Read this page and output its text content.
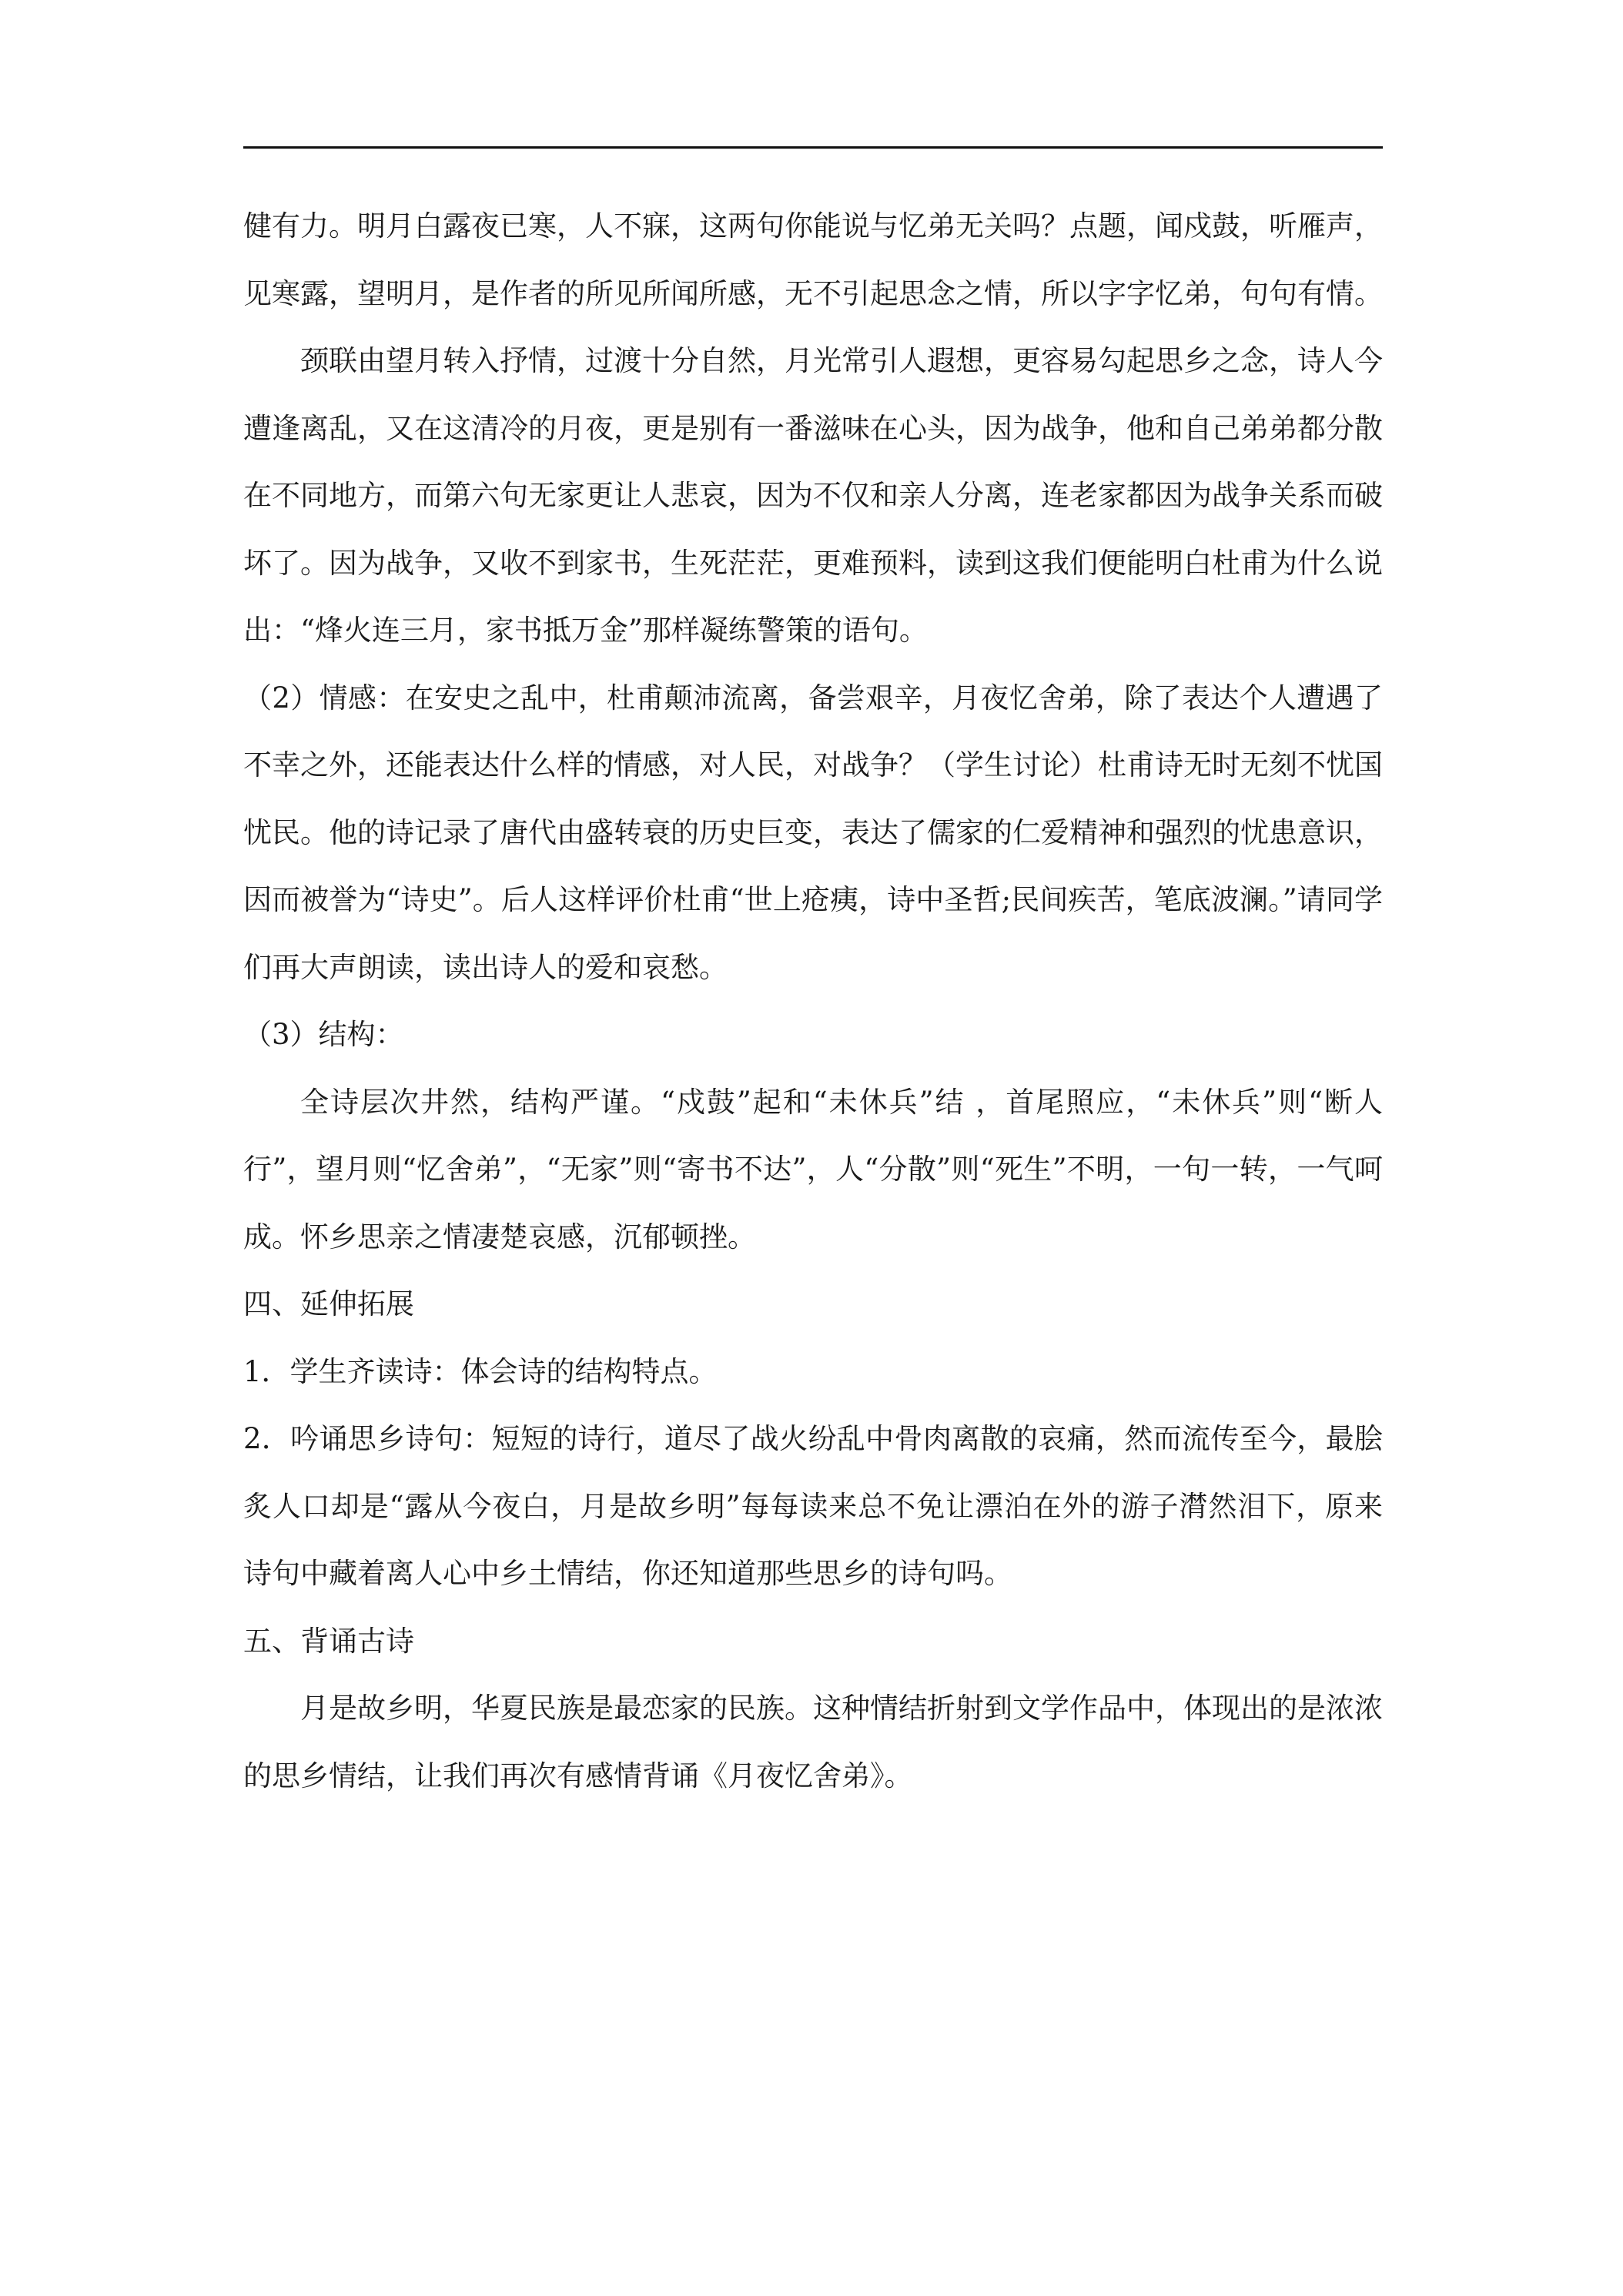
健有力。明月白露夜已寒，人不寐，这两句你能说与忆弟无关吗？点题，闻戍鼓，听雁声，见寒露，望明月，是作者的所见所闻所感，无不引起思念之情，所以字字忆弟，句句有情。

颈联由望月转入抒情，过渡十分自然，月光常引人遐想，更容易勾起思乡之念，诗人今遭逢离乱，又在这清冷的月夜，更是别有一番滋味在心头，因为战争，他和自己弟弟都分散在不同地方，而第六句无家更让人悲哀，因为不仅和亲人分离，连老家都因为战争关系而破坏了。因为战争，又收不到家书，生死茫茫，更难预料，读到这我们便能明白杜甫为什么说出：“烽火连三月，家书抵万金”那样凝练警策的语句。

（2）情感：在安史之乱中，杜甫颠沛流离，备尝艰辛，月夜忆舍弟，除了表达个人遭遇了不幸之外，还能表达什么样的情感，对人民，对战争？（学生讨论）杜甫诗无时无刻不忧国忧民。他的诗记录了唐代由盛转衰的历史巨变，表达了儒家的仁爱精神和强烈的忧患意识，因而被誉为“诗史”。后人这样评价杜甫“世上疮痍，诗中圣哲;民间疾苦，笔底波澜。”请同学们再大声朗读，读出诗人的爱和哀愁。

（3）结构：

全诗层次井然，结构严谨。“戍鼓”起和“未休兵”结 ，首尾照应，“未休兵”则“断人行”，望月则“忆舍弟”，“无家”则“寄书不达”，人“分散”则“死生”不明，一句一转，一气呵成。怀乡思亲之情凄楚哀感，沉郁顿挫。

四、延伸拓展

1．学生齐读诗：体会诗的结构特点。

2．吟诵思乡诗句：短短的诗行，道尽了战火纷乱中骨肉离散的哀痛，然而流传至今，最脍炙人口却是“露从今夜白，月是故乡明”每每读来总不免让漂泊在外的游子潸然泪下，原来诗句中藏着离人心中乡土情结，你还知道那些思乡的诗句吗。

五、背诵古诗

月是故乡明，华夏民族是最恋家的民族。这种情结折射到文学作品中，体现出的是浓浓的思乡情结，让我们再次有感情背诵《月夜忆舍弟》。
